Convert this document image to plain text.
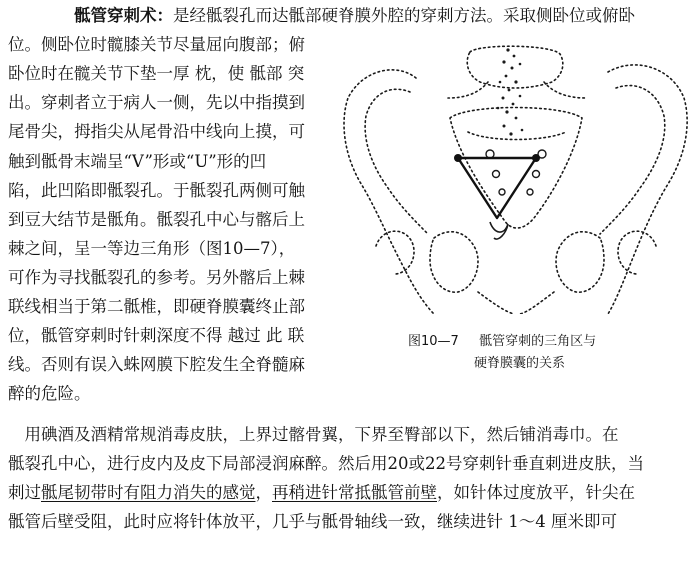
骶管穿刺术：是经骶裂孔而达骶部硬脊膜外腔的穿刺方法。采取侧卧位或俯卧

位。侧卧位时髋膝关节尽量屈向腹部；俯

卧位时在髋关节下垫一厚 枕，使 骶部 突

出。穿刺者立于病人一侧，先以中指摸到

尾骨尖，拇指尖从尾骨沿中线向上摸，可

触到骶骨末端呈“V”形或“U”形的凹

陷，此凹陷即骶裂孔。于骶裂孔两侧可触

到豆大结节是骶角。骶裂孔中心与髂后上

棘之间，呈一等边三角形（图10—7），

可作为寻找骶裂孔的参考。另外髂后上棘

联线相当于第二骶椎，即硬脊膜囊终止部

位，骶管穿刺时针刺深度不得 越过 此 联

线。否则有误入蛛网膜下腔发生全脊髓麻

醉的危险。

　用碘酒及酒精常规消毒皮肤，上界过髂骨翼，下界至臀部以下，然后铺消毒巾。在

骶裂孔中心，进行皮内及皮下局部浸润麻醉。然后用20或22号穿刺针垂直刺进皮肤，当

刺过骶尾韧带时有阻力消失的感觉，再稍进针常抵骶管前壁，如针体过度放平，针尖在

骶管后壁受阻，此时应将针体放平，几乎与骶骨轴线一致，继续进针 1～4 厘米即可

图10—7 骶管穿刺的三角区与
硬脊膜囊的关系
